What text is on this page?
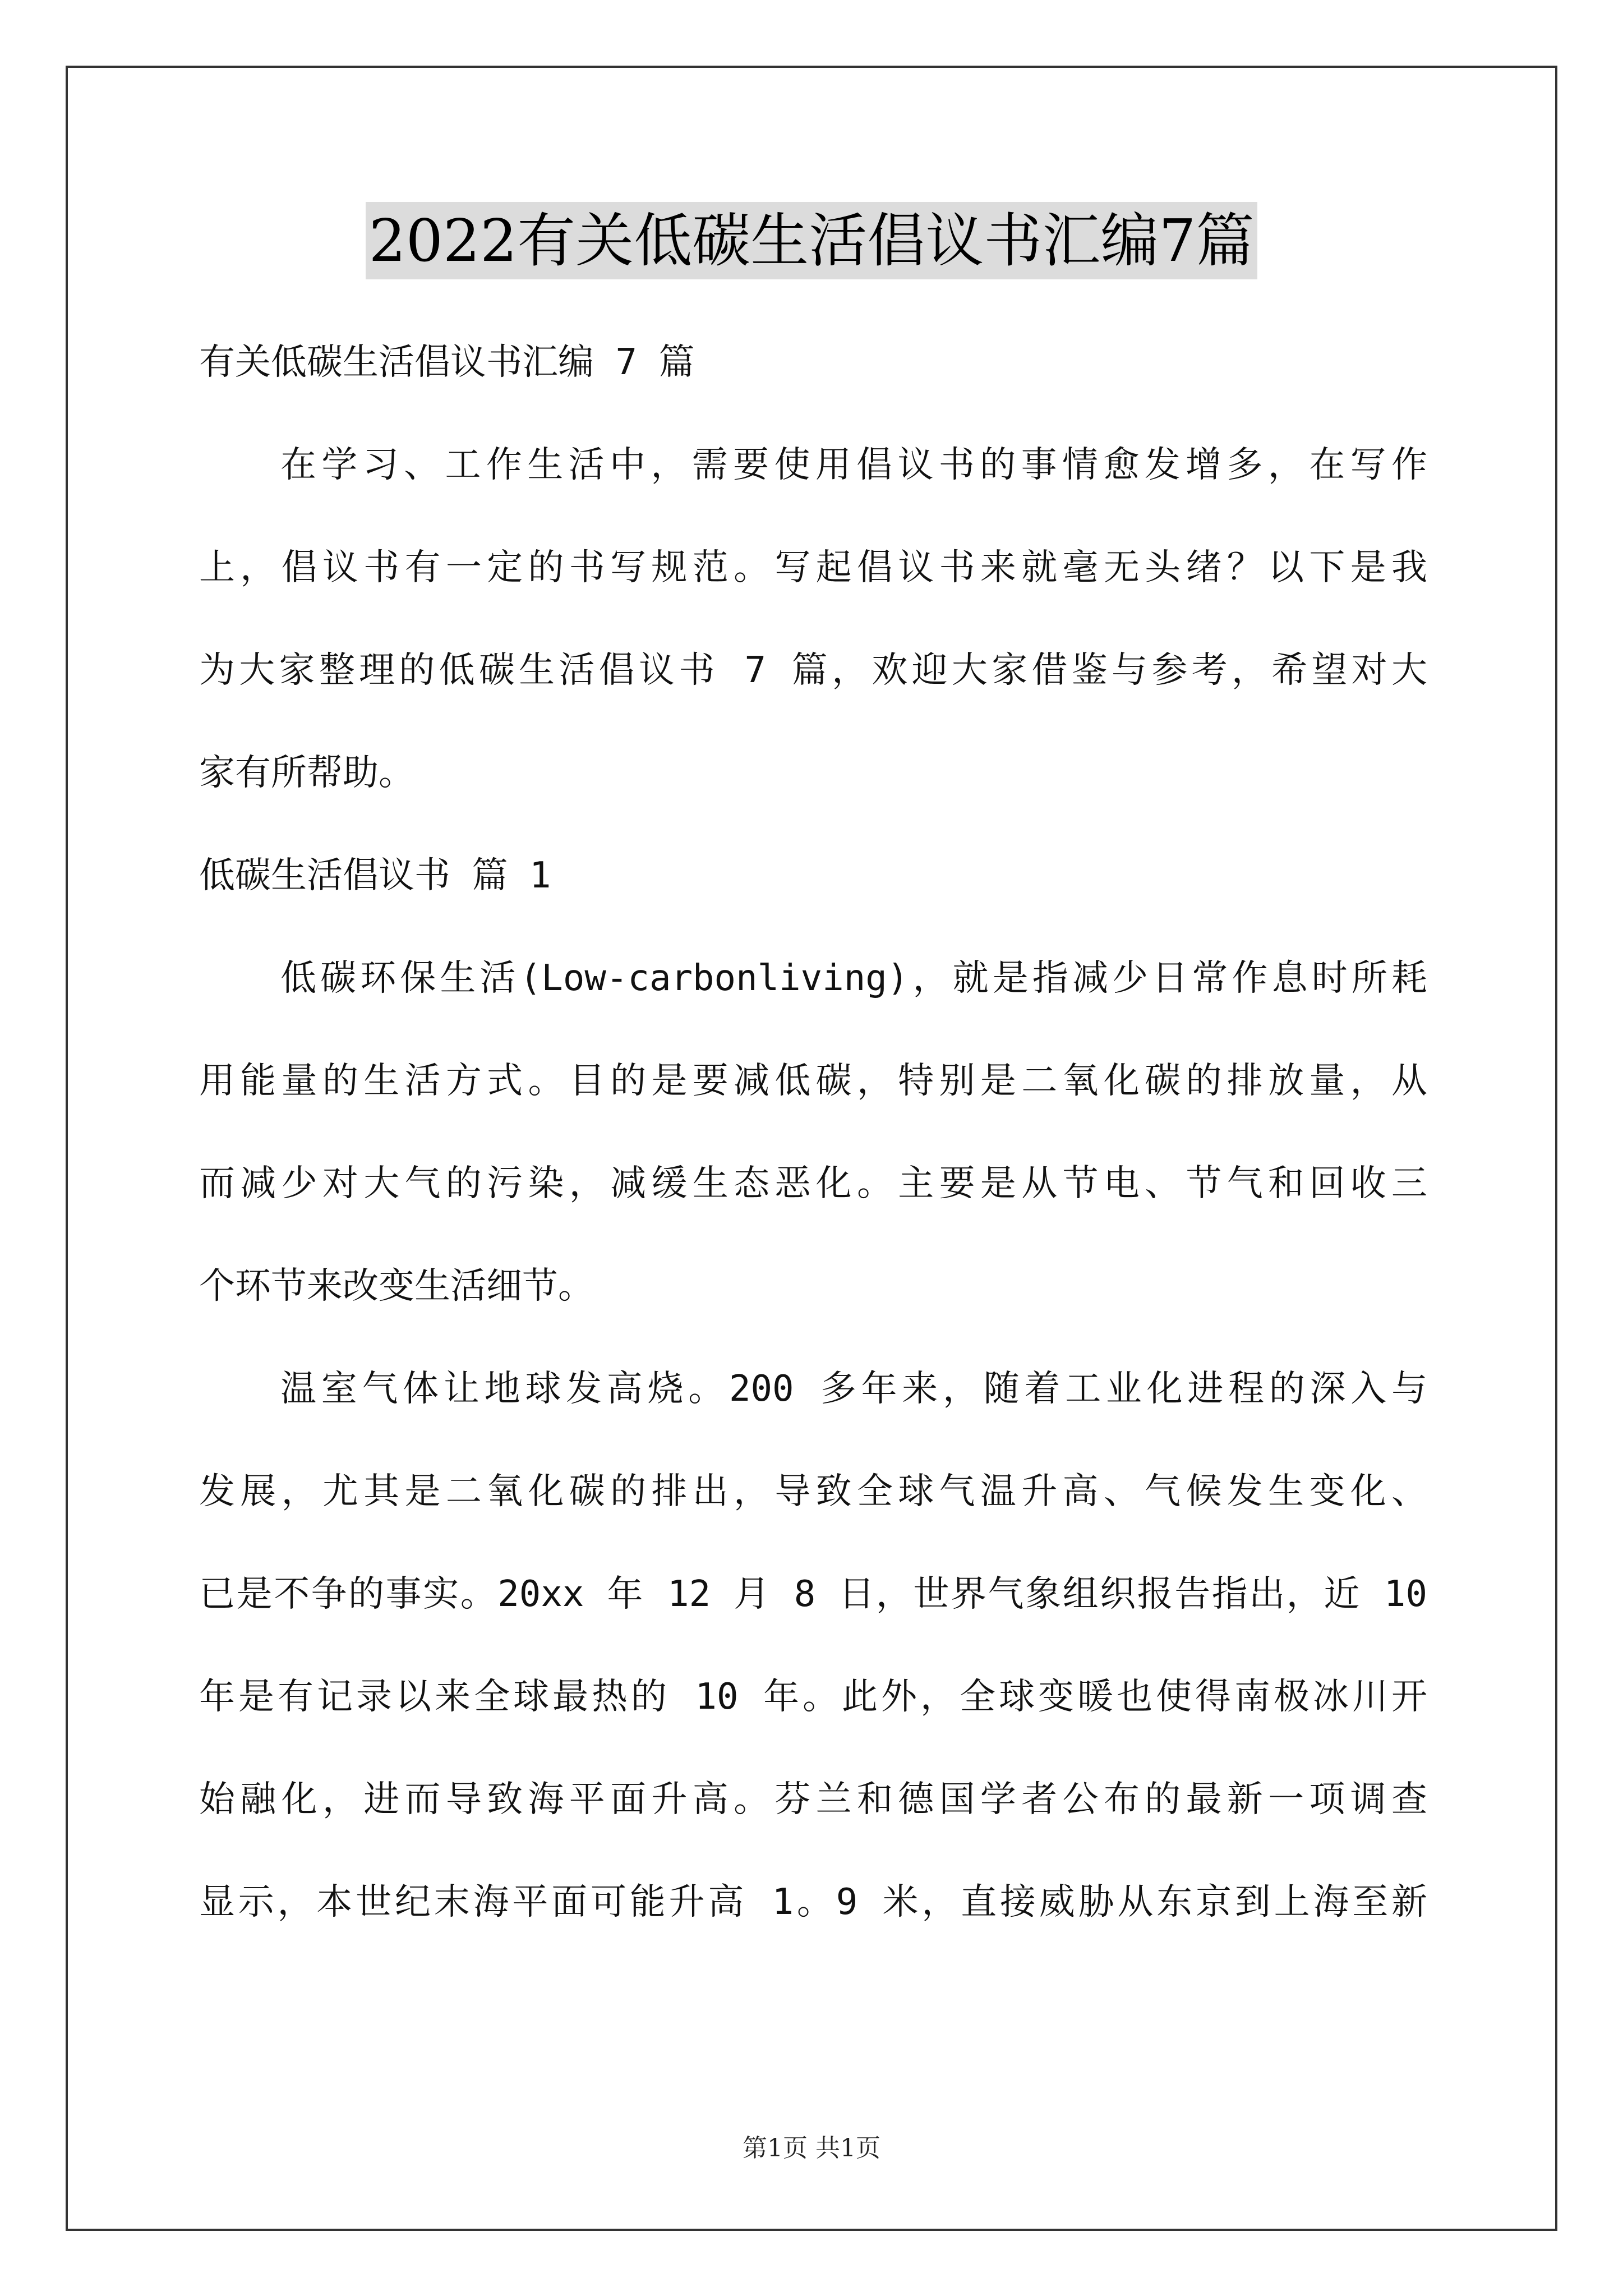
2022有关低碳生活倡议书汇编7篇
有关低碳生活倡议书汇编 7 篇
在学习、工作生活中，需要使用倡议书的事情愈发增多，在写作
上，倡议书有一定的书写规范。写起倡议书来就毫无头绪？以下是我
为大家整理的低碳生活倡议书 7 篇，欢迎大家借鉴与参考，希望对大
家有所帮助。
低碳生活倡议书 篇 1
低碳环保生活(Low-carbonliving)，就是指减少日常作息时所耗
用能量的生活方式。目的是要减低碳，特别是二氧化碳的排放量，从
而减少对大气的污染，减缓生态恶化。主要是从节电、节气和回收三
个环节来改变生活细节。
温室气体让地球发高烧。200 多年来，随着工业化进程的深入与
发展，尤其是二氧化碳的排出，导致全球气温升高、气候发生变化、
已是不争的事实。20xx 年 12 月 8 日，世界气象组织报告指出，近 10
年是有记录以来全球最热的 10 年。此外，全球变暖也使得南极冰川开
始融化，进而导致海平面升高。芬兰和德国学者公布的最新一项调查
显示，本世纪末海平面可能升高 1。9 米，直接威胁从东京到上海至新
第1页 共1页
